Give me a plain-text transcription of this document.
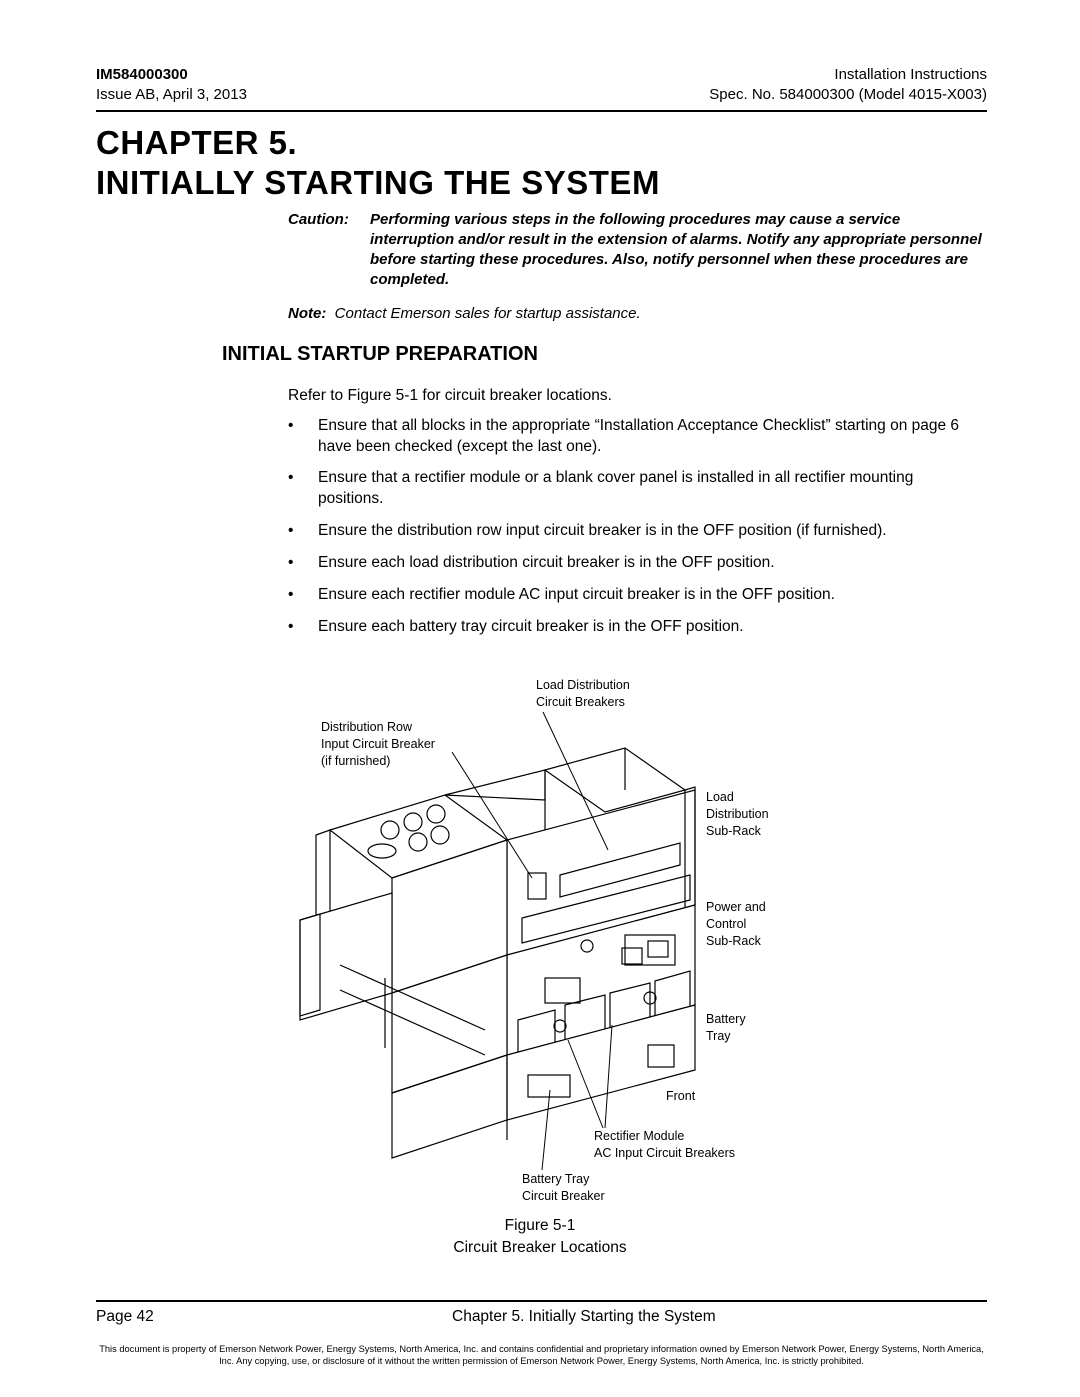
IM584000300
Issue AB, April 3, 2013
Installation Instructions
Spec. No. 584000300 (Model 4015-X003)
CHAPTER 5.
INITIALLY STARTING THE SYSTEM
Caution: Performing various steps in the following procedures may cause a service interruption and/or result in the extension of alarms. Notify any appropriate personnel before starting these procedures. Also, notify personnel when these procedures are completed.
Note: Contact Emerson sales for startup assistance.
INITIAL STARTUP PREPARATION
Refer to Figure 5-1 for circuit breaker locations.
• Ensure that all blocks in the appropriate “Installation Acceptance Checklist” starting on page 6 have been checked (except the last one).
• Ensure that a rectifier module or a blank cover panel is installed in all rectifier mounting positions.
• Ensure the distribution row input circuit breaker is in the OFF position (if furnished).
• Ensure each load distribution circuit breaker is in the OFF position.
• Ensure each rectifier module AC input circuit breaker is in the OFF position.
• Ensure each battery tray circuit breaker is in the OFF position.
Load Distribution
Circuit Breakers
Distribution Row
Input Circuit Breaker
(if furnished)
Load
Distribution
Sub-Rack
Power and
Control
Sub-Rack
Battery
Tray
Front
Rectifier Module
AC Input Circuit Breakers
Battery Tray
Circuit Breaker
Figure 5-1
Circuit Breaker Locations
Page 42	Chapter 5. Initially Starting the System
This document is property of Emerson Network Power, Energy Systems, North America, Inc. and contains confidential and proprietary information owned by Emerson Network Power, Energy Systems, North America, Inc. Any copying, use, or disclosure of it without the written permission of Emerson Network Power, Energy Systems, North America, Inc. is strictly prohibited.
